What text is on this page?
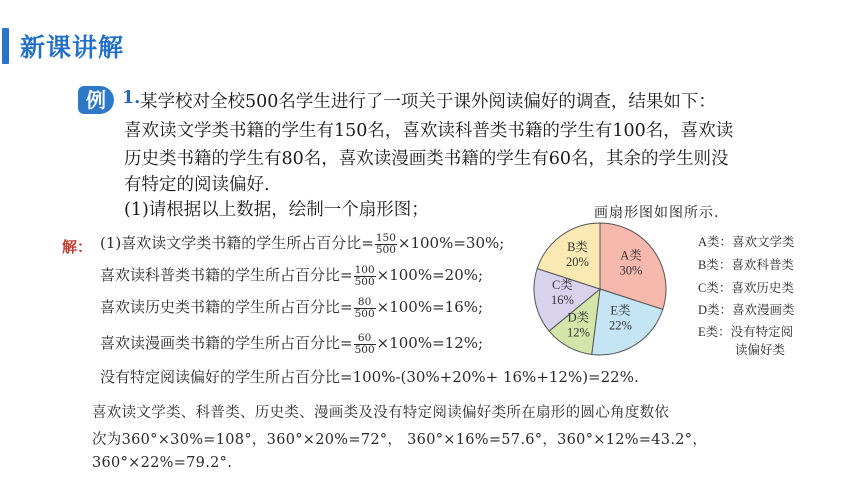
新课讲解
例 1. 某学校对全校500名学生进行了一项关于课外阅读偏好的调查，结果如下：
喜欢读文学类书籍的学生有150名，喜欢读科普类书籍的学生有100名，喜欢读
历史类书籍的学生有80名，喜欢读漫画类书籍的学生有60名，其余的学生则没
有特定的阅读偏好.
(1)请根据以上数据，绘制一个扇形图；
解： (1)喜欢读文学类书籍的学生所占百分比= $\frac{150}{500} \times 100\%=30\%$;
喜欢读科普类书籍的学生所占百分比= $\frac{100}{500} \times 100\%=20\%$;
喜欢读历史类书籍的学生所占百分比= $\frac{80}{500} \times 100\%=16\%$;
喜欢读漫画类书籍的学生所占百分比= $\frac{60}{500} \times 100\%=12\%$;
没有特定阅读偏好的学生所占百分比=100%-(30%+20%+ 16%+12%)=22%.
画扇形图如图所示.
A类
30%
E类
22%
D类
12%
C类
16%
B类
20%
A类：喜欢文学类
B类：喜欢科普类
C类：喜欢历史类
D类：喜欢漫画类
E类：没有特定阅
读偏好类
喜欢读文学类、科普类、历史类、漫画类及没有特定阅读偏好类所在扇形的圆心角度数依
次为360°×30%=108°，360°×20%=72°， 360°×16%=57.6°，360°×12%=43.2°，
360°×22%=79.2°.
